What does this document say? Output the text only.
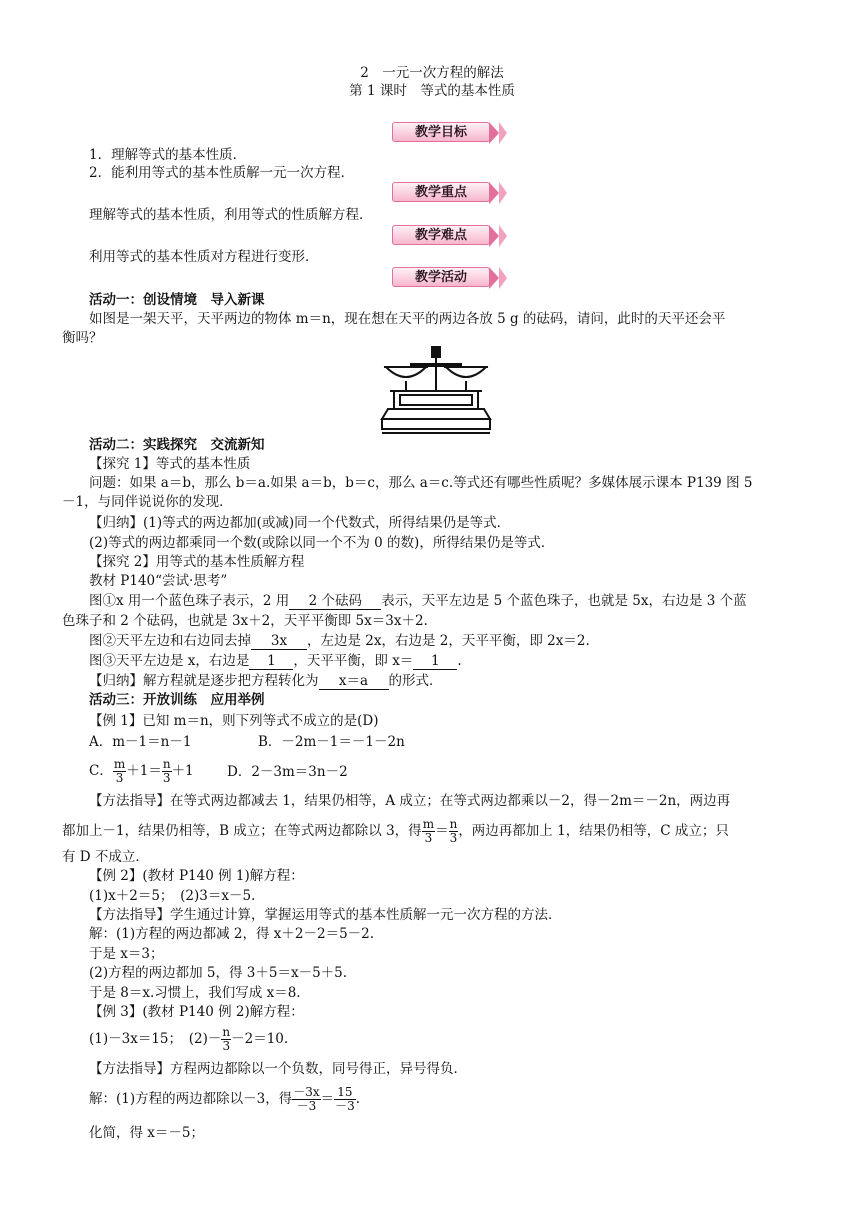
2　一元一次方程的解法
第 1 课时　等式的基本性质
教学目标
1．理解等式的基本性质．
2．能利用等式的基本性质解一元一次方程．
教学重点
理解等式的基本性质，利用等式的性质解方程．
教学难点
利用等式的基本性质对方程进行变形．
教学活动
活动一：创设情境　导入新课
如图是一架天平，天平两边的物体 m＝n，现在想在天平的两边各放 5 g 的砝码，请问，此时的天平还会平
衡吗？
活动二：实践探究　交流新知
【探究 1】等式的基本性质
问题：如果 a＝b，那么 b＝a.如果 a＝b，b＝c，那么 a＝c.等式还有哪些性质呢？多媒体展示课本 P139 图 5
－1，与同伴说说你的发现．
【归纳】(1)等式的两边都加(或减)同一个代数式，所得结果仍是等式．
(2)等式的两边都乘同一个数(或除以同一个不为 0 的数)，所得结果仍是等式．
【探究 2】用等式的基本性质解方程
教材 P140“尝试·思考”
图①x 用一个蓝色珠子表示，2 用 2 个砝码 表示，天平左边是 5 个蓝色珠子，也就是 5x，右边是 3 个蓝
色珠子和 2 个砝码，也就是 3x＋2，天平平衡即 5x＝3x＋2.
图②天平左边和右边同去掉 3x ，左边是 2x，右边是 2，天平平衡，即 2x＝2.
图③天平左边是 x，右边是 1 ，天平平衡，即 x＝ 1 .
【归纳】解方程就是逐步把方程转化为 x＝a 的形式．
活动三：开放训练　应用举例
【例 1】已知 m＝n，则下列等式不成立的是(D)
A．m－1＝n－1	B．－2m－1＝－1－2n
C． $\frac{m}{3} +1= \frac{n}{3} +1$ D．2－3m＝3n－2
【方法指导】在等式两边都减去 1，结果仍相等，A 成立；在等式两边都乘以－2，得－2m＝－2n，两边再
都加上－1，结果仍相等，B 成立；在等式两边都除以 3，得 $\frac{m}{3} = \frac{n}{3}$ ，两边再都加上 1，结果仍相等，C 成立；只
有 D 不成立．
【例 2】(教材 P140 例 1)解方程：
(1)x＋2＝5；　(2)3＝x－5.
【方法指导】学生通过计算，掌握运用等式的基本性质解一元一次方程的方法．
解：(1)方程的两边都减 2，得 x＋2－2＝5－2.
于是 x＝3；
(2)方程的两边都加 5，得 3＋5＝x－5＋5.
于是 8＝x.习惯上，我们写成 x＝8.
【例 3】(教材 P140 例 2)解方程：
(1)－3x＝15；　$(2)- \frac{n}{3} -2=10$.
【方法指导】方程两边都除以一个负数，同号得正，异号得负．
解：(1)方程的两边都除以－3，得 $\frac{-3x}{-3} = \frac{15}{-3}$ .
化简，得 x＝－5；
